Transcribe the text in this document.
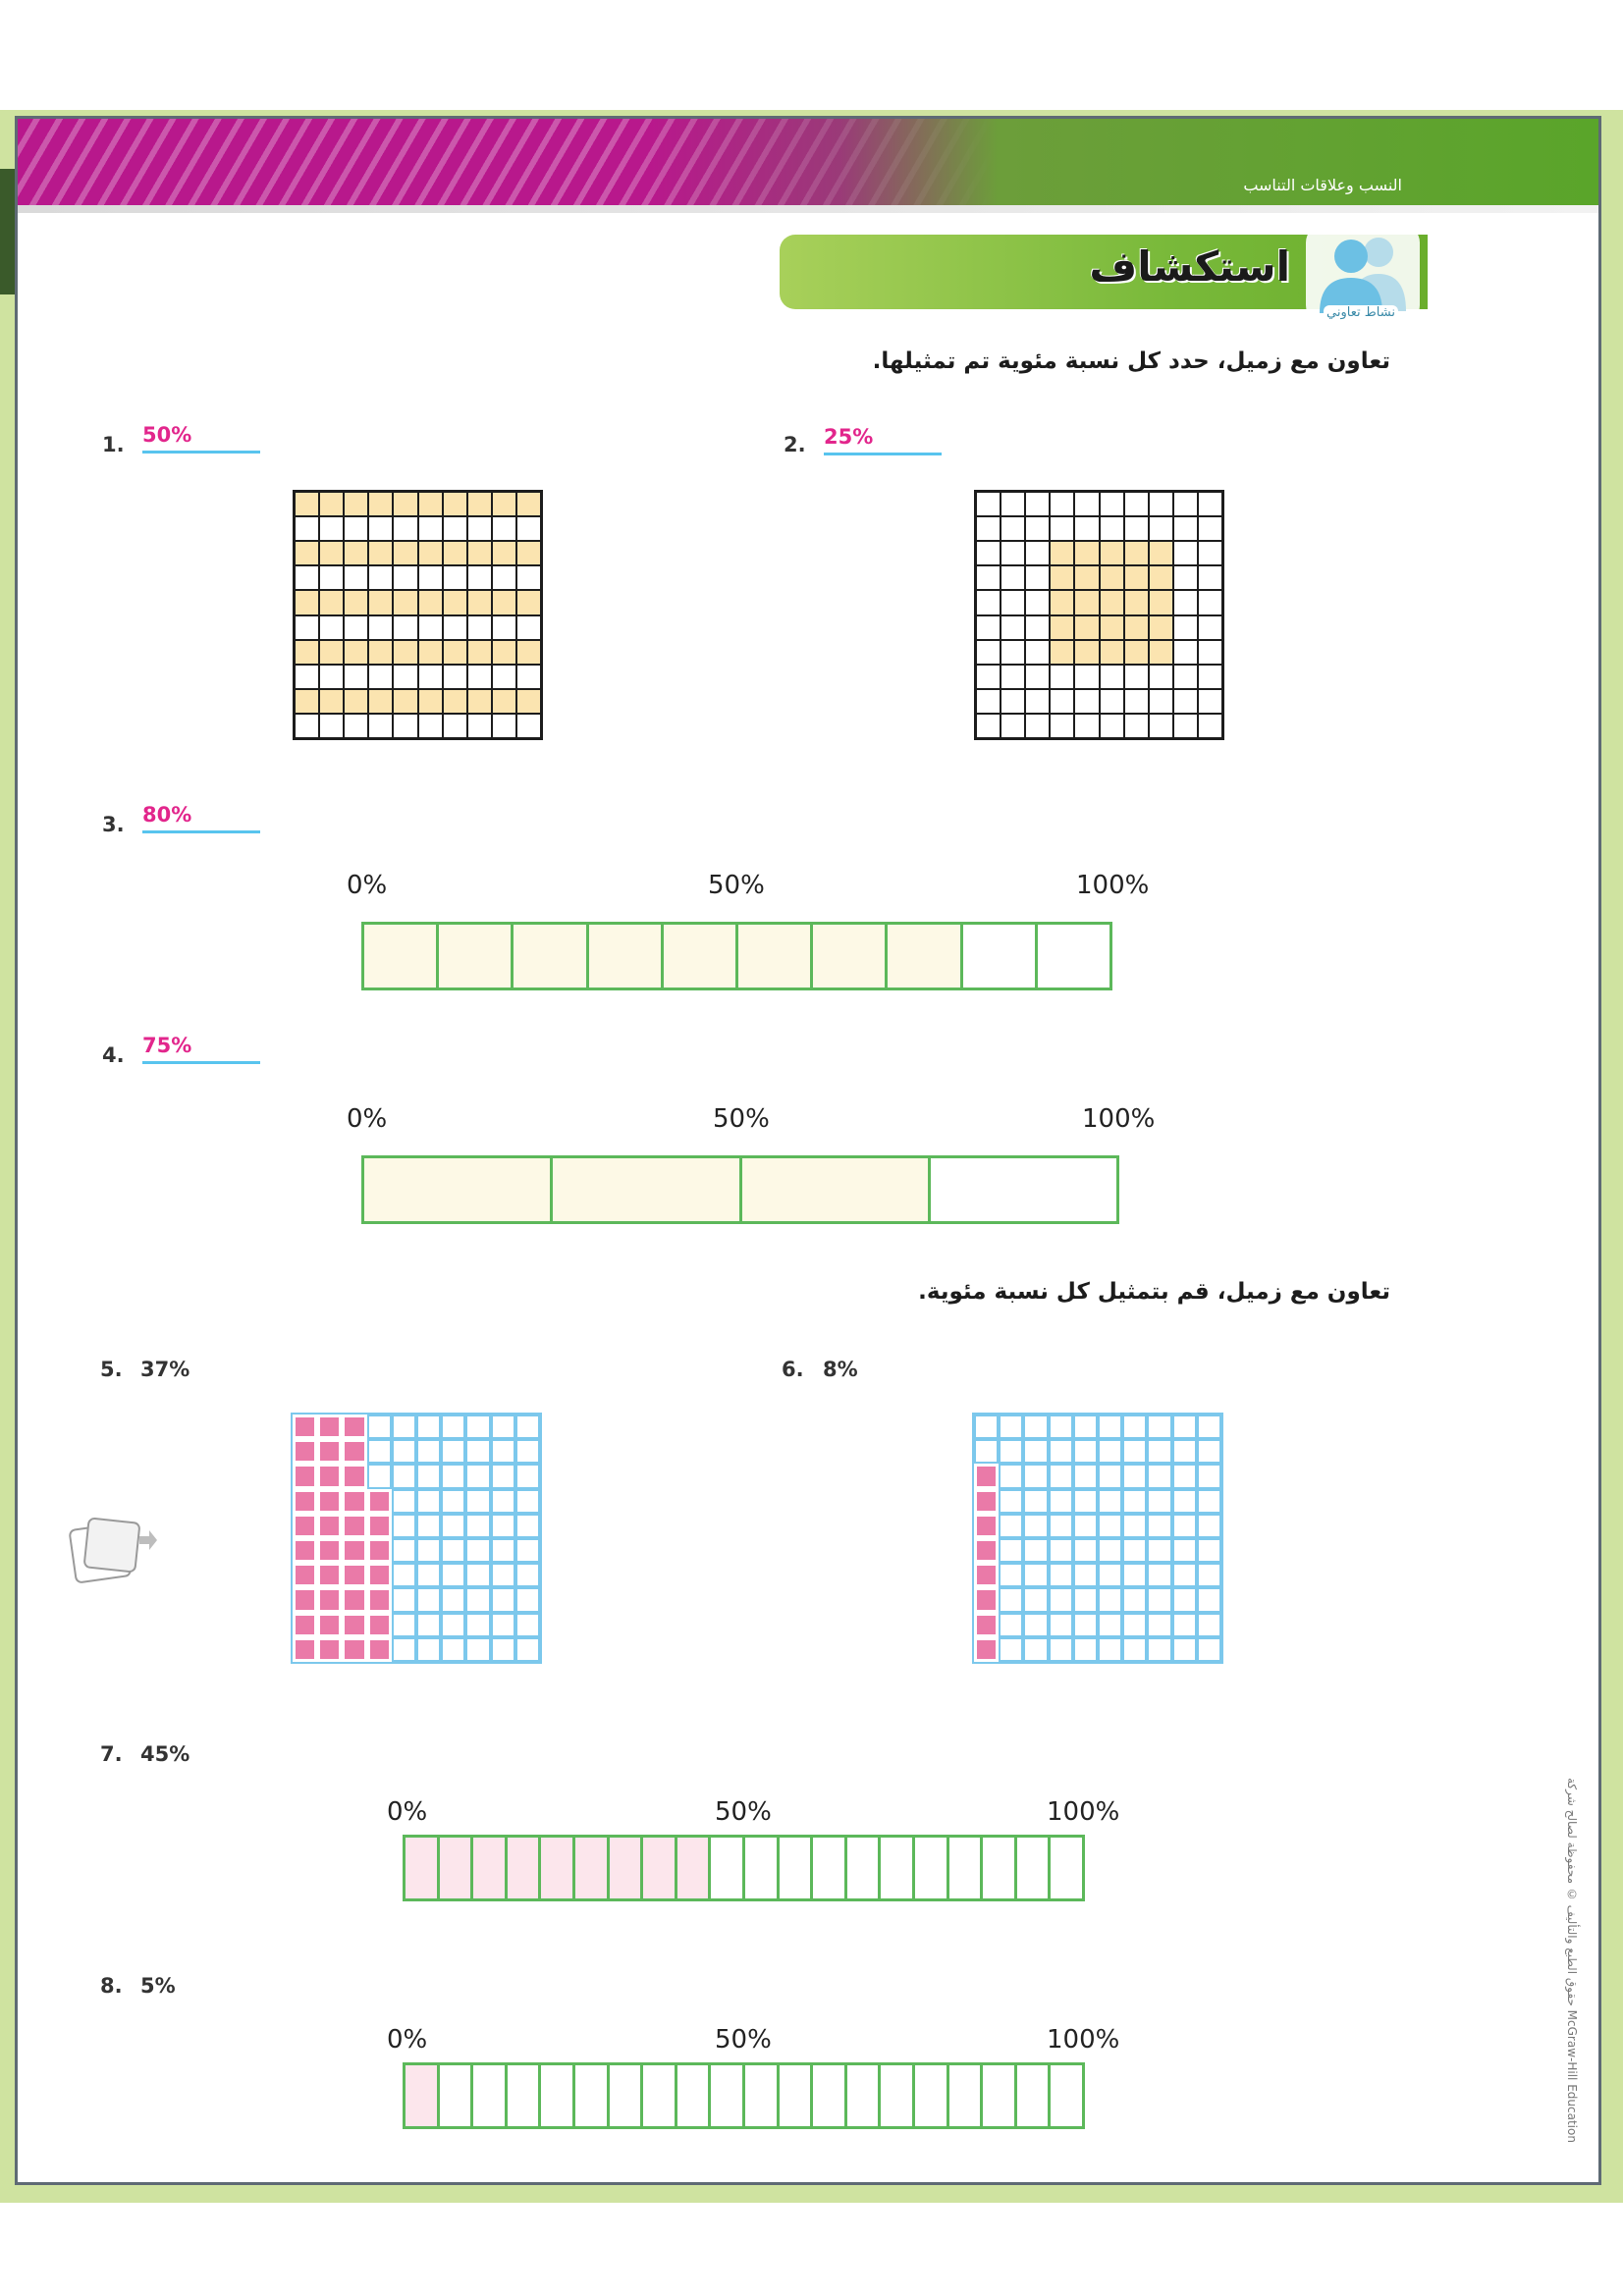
النسب وعلاقات التناسب
استكشاف
نشاط تعاوني
تعاون مع زميل، حدد كل نسبة مئوية تم تمثيلها.
1. 50%	2. 25%
3. 80%
0%	50%	100%
4. 75%
0%	50%	100%
تعاون مع زميل، قم بتمثيل كل نسبة مئوية.
5. 37%	6. 8%
7. 45%
0%	50%	100%
8. 5%
0%	50%	100%
حقوق الطبع والتأليف © محفوظة لصالح شركة McGraw-Hill Education
